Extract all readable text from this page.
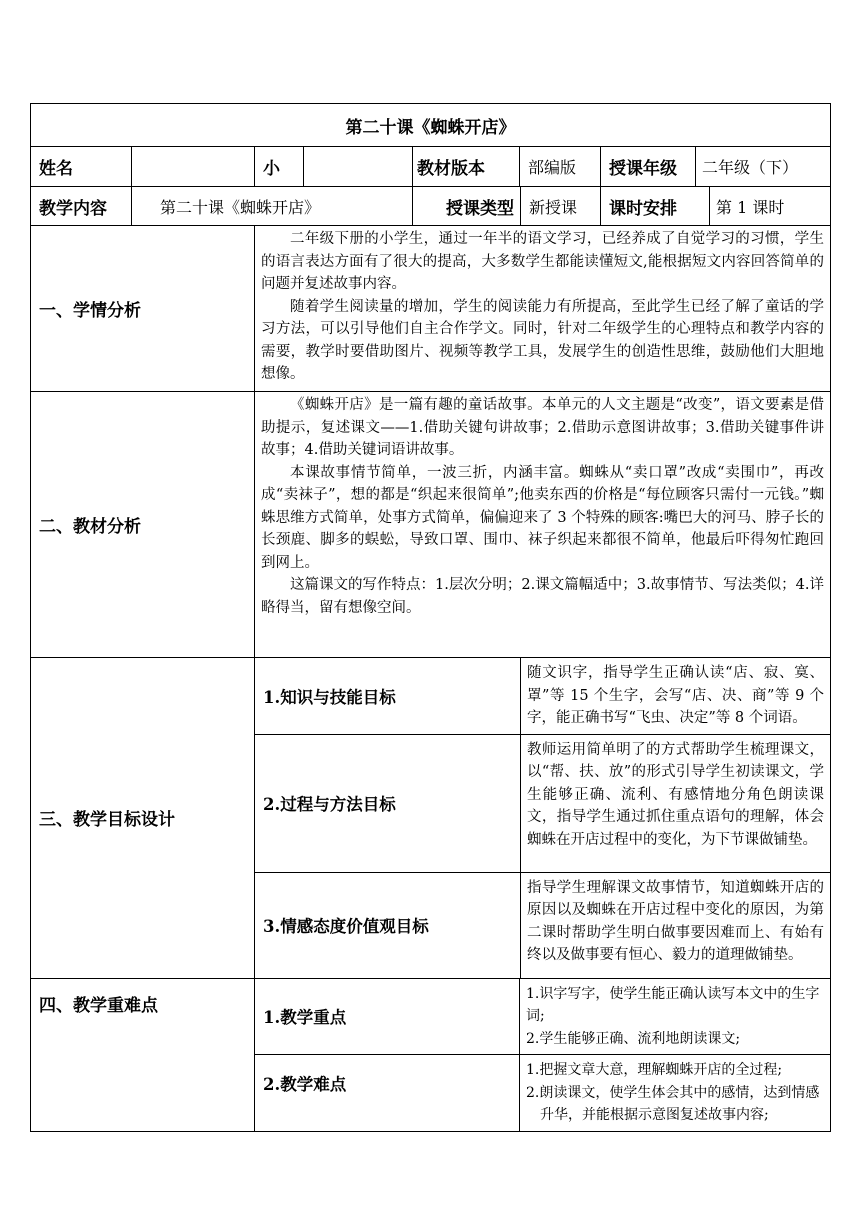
第二十课《蜘蛛开店》								
姓名		小		教材版本	部编版	授课年级	二年级（下）	
教学内容	第二十课《蜘蛛开店》			授课类型	新授课	课时安排		第 1 课时
一、学情分析		二年级下册的小学生，通过一年半的语文学习，已经养成了自觉学习的习惯，学生的语言表达方面有了很大的提高，大多数学生都能读懂短文,能根据短文内容回答简单的问题并复述故事内容。

随着学生阅读量的增加，学生的阅读能力有所提高，至此学生已经了解了童话的学习方法，可以引导他们自主合作学文。同时，针对二年级学生的心理特点和教学内容的需要，教学时要借助图片、视频等教学工具，发展学生的创造性思维，鼓励他们大胆地想像。						

二、教材分析		《蜘蛛开店》是一篇有趣的童话故事。本单元的人文主题是“改变”，语文要素是借助提示，复述课文——1.借助关键句讲故事；2.借助示意图讲故事；3.借助关键事件讲故事；4.借助关键词语讲故事。

本课故事情节简单，一波三折，内涵丰富。蜘蛛从“卖口罩”改成“卖围巾”，再改成“卖袜子”，想的都是“织起来很简单”;他卖东西的价格是“每位顾客只需付一元钱。”蜘蛛思维方式简单，处事方式简单，偏偏迎来了 3 个特殊的顾客:嘴巴大的河马、脖子长的长颈鹿、脚多的蜈蚣，导致口罩、围巾、袜子织起来都很不简单，他最后吓得匆忙跑回到网上。

这篇课文的写作特点：1.层次分明；2.课文篇幅适中；3.故事情节、写法类似；4.详略得当，留有想像空间。						

三、教学目标设计		1.知识与技能目标			随文识字，指导学生正确认读“店、寂、寞、罩”等 15 个生字，会写“店、决、商”等 9 个字，能正确书写“飞虫、决定”等 8 个词语。			
		2.过程与方法目标			教师运用简单明了的方式帮助学生梳理课文，以“帮、扶、放”的形式引导学生初读课文，学生能够正确、流利、有感情地分角色朗读课文，指导学生通过抓住重点语句的理解，体会蜘蛛在开店过程中的变化，为下节课做铺垫。			
		3.情感态度价值观目标			指导学生理解课文故事情节，知道蜘蛛开店的原因以及蜘蛛在开店过程中变化的原因，为第二课时帮助学生明白做事要因难而上、有始有终以及做事要有恒心、毅力的道理做铺垫。			
四、教学重难点		1.教学重点			1.识字写字，使学生能正确认读写本文中的生字词;
2.学生能够正确、流利地朗读课文;			

		2.教学难点			1.把握文章大意，理解蜘蛛开店的全过程;
2.朗读课文，使学生体会其中的感情，达到情感升华，并能根据示意图复述故事内容;			
